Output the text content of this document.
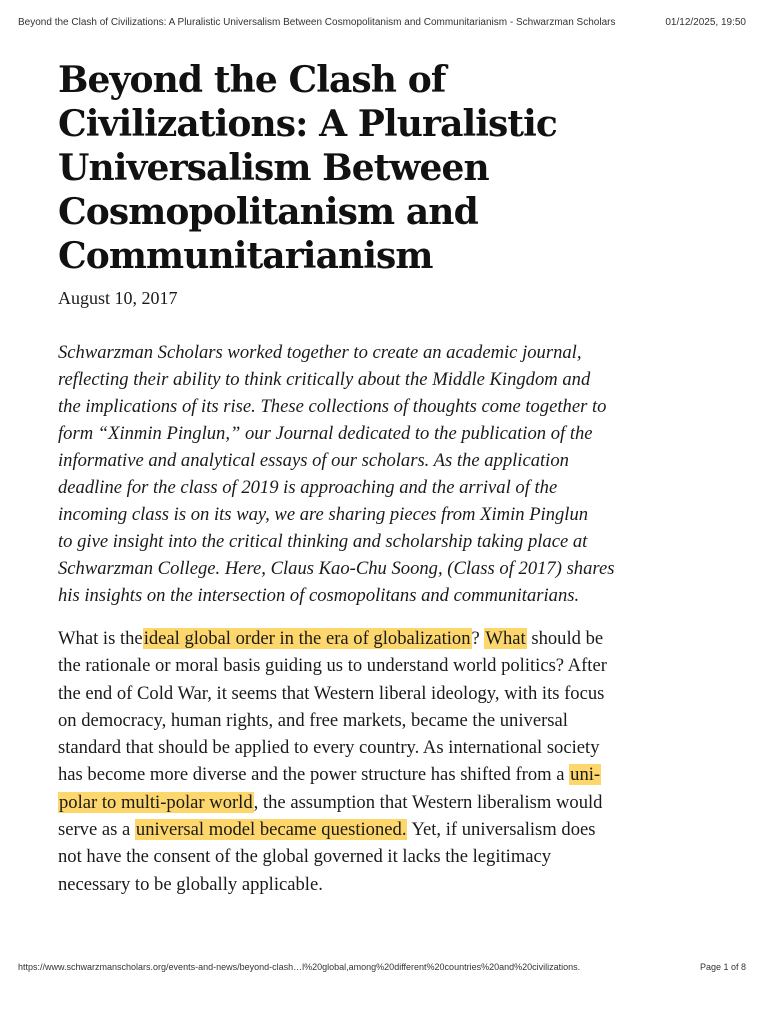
Beyond the Clash of Civilizations: A Pluralistic Universalism Between Cosmopolitanism and Communitarianism - Schwarzman Scholars	01/12/2025, 19:50
Beyond the Clash of
Civilizations: A Pluralistic
Universalism Between
Cosmopolitanism and
Communitarianism
August 10, 2017
Schwarzman Scholars worked together to create an academic journal,
reflecting their ability to think critically about the Middle Kingdom and
the implications of its rise. These collections of thoughts come together to
form “Xinmin Pinglun,” our Journal dedicated to the publication of the
informative and analytical essays of our scholars. As the application
deadline for the class of 2019 is approaching and the arrival of the
incoming class is on its way, we are sharing pieces from Ximin Pinglun
to give insight into the critical thinking and scholarship taking place at
Schwarzman College. Here, Claus Kao-Chu Soong, (Class of 2017) shares
his insights on the intersection of cosmopolitans and communitarians.
What is theideal global order in the era of globalization? What should be
the rationale or moral basis guiding us to understand world politics? After
the end of Cold War, it seems that Western liberal ideology, with its focus
on democracy, human rights, and free markets, became the universal
standard that should be applied to every country. As international society
has become more diverse and the power structure has shifted from a uni-
polar to multi-polar world, the assumption that Western liberalism would
serve as a universal model became questioned. Yet, if universalism does
not have the consent of the global governed it lacks the legitimacy
necessary to be globally applicable.
https://www.schwarzmanscholars.org/events-and-news/beyond-clash…l%20global,among%20different%20countries%20and%20civilizations.	Page 1 of 8
